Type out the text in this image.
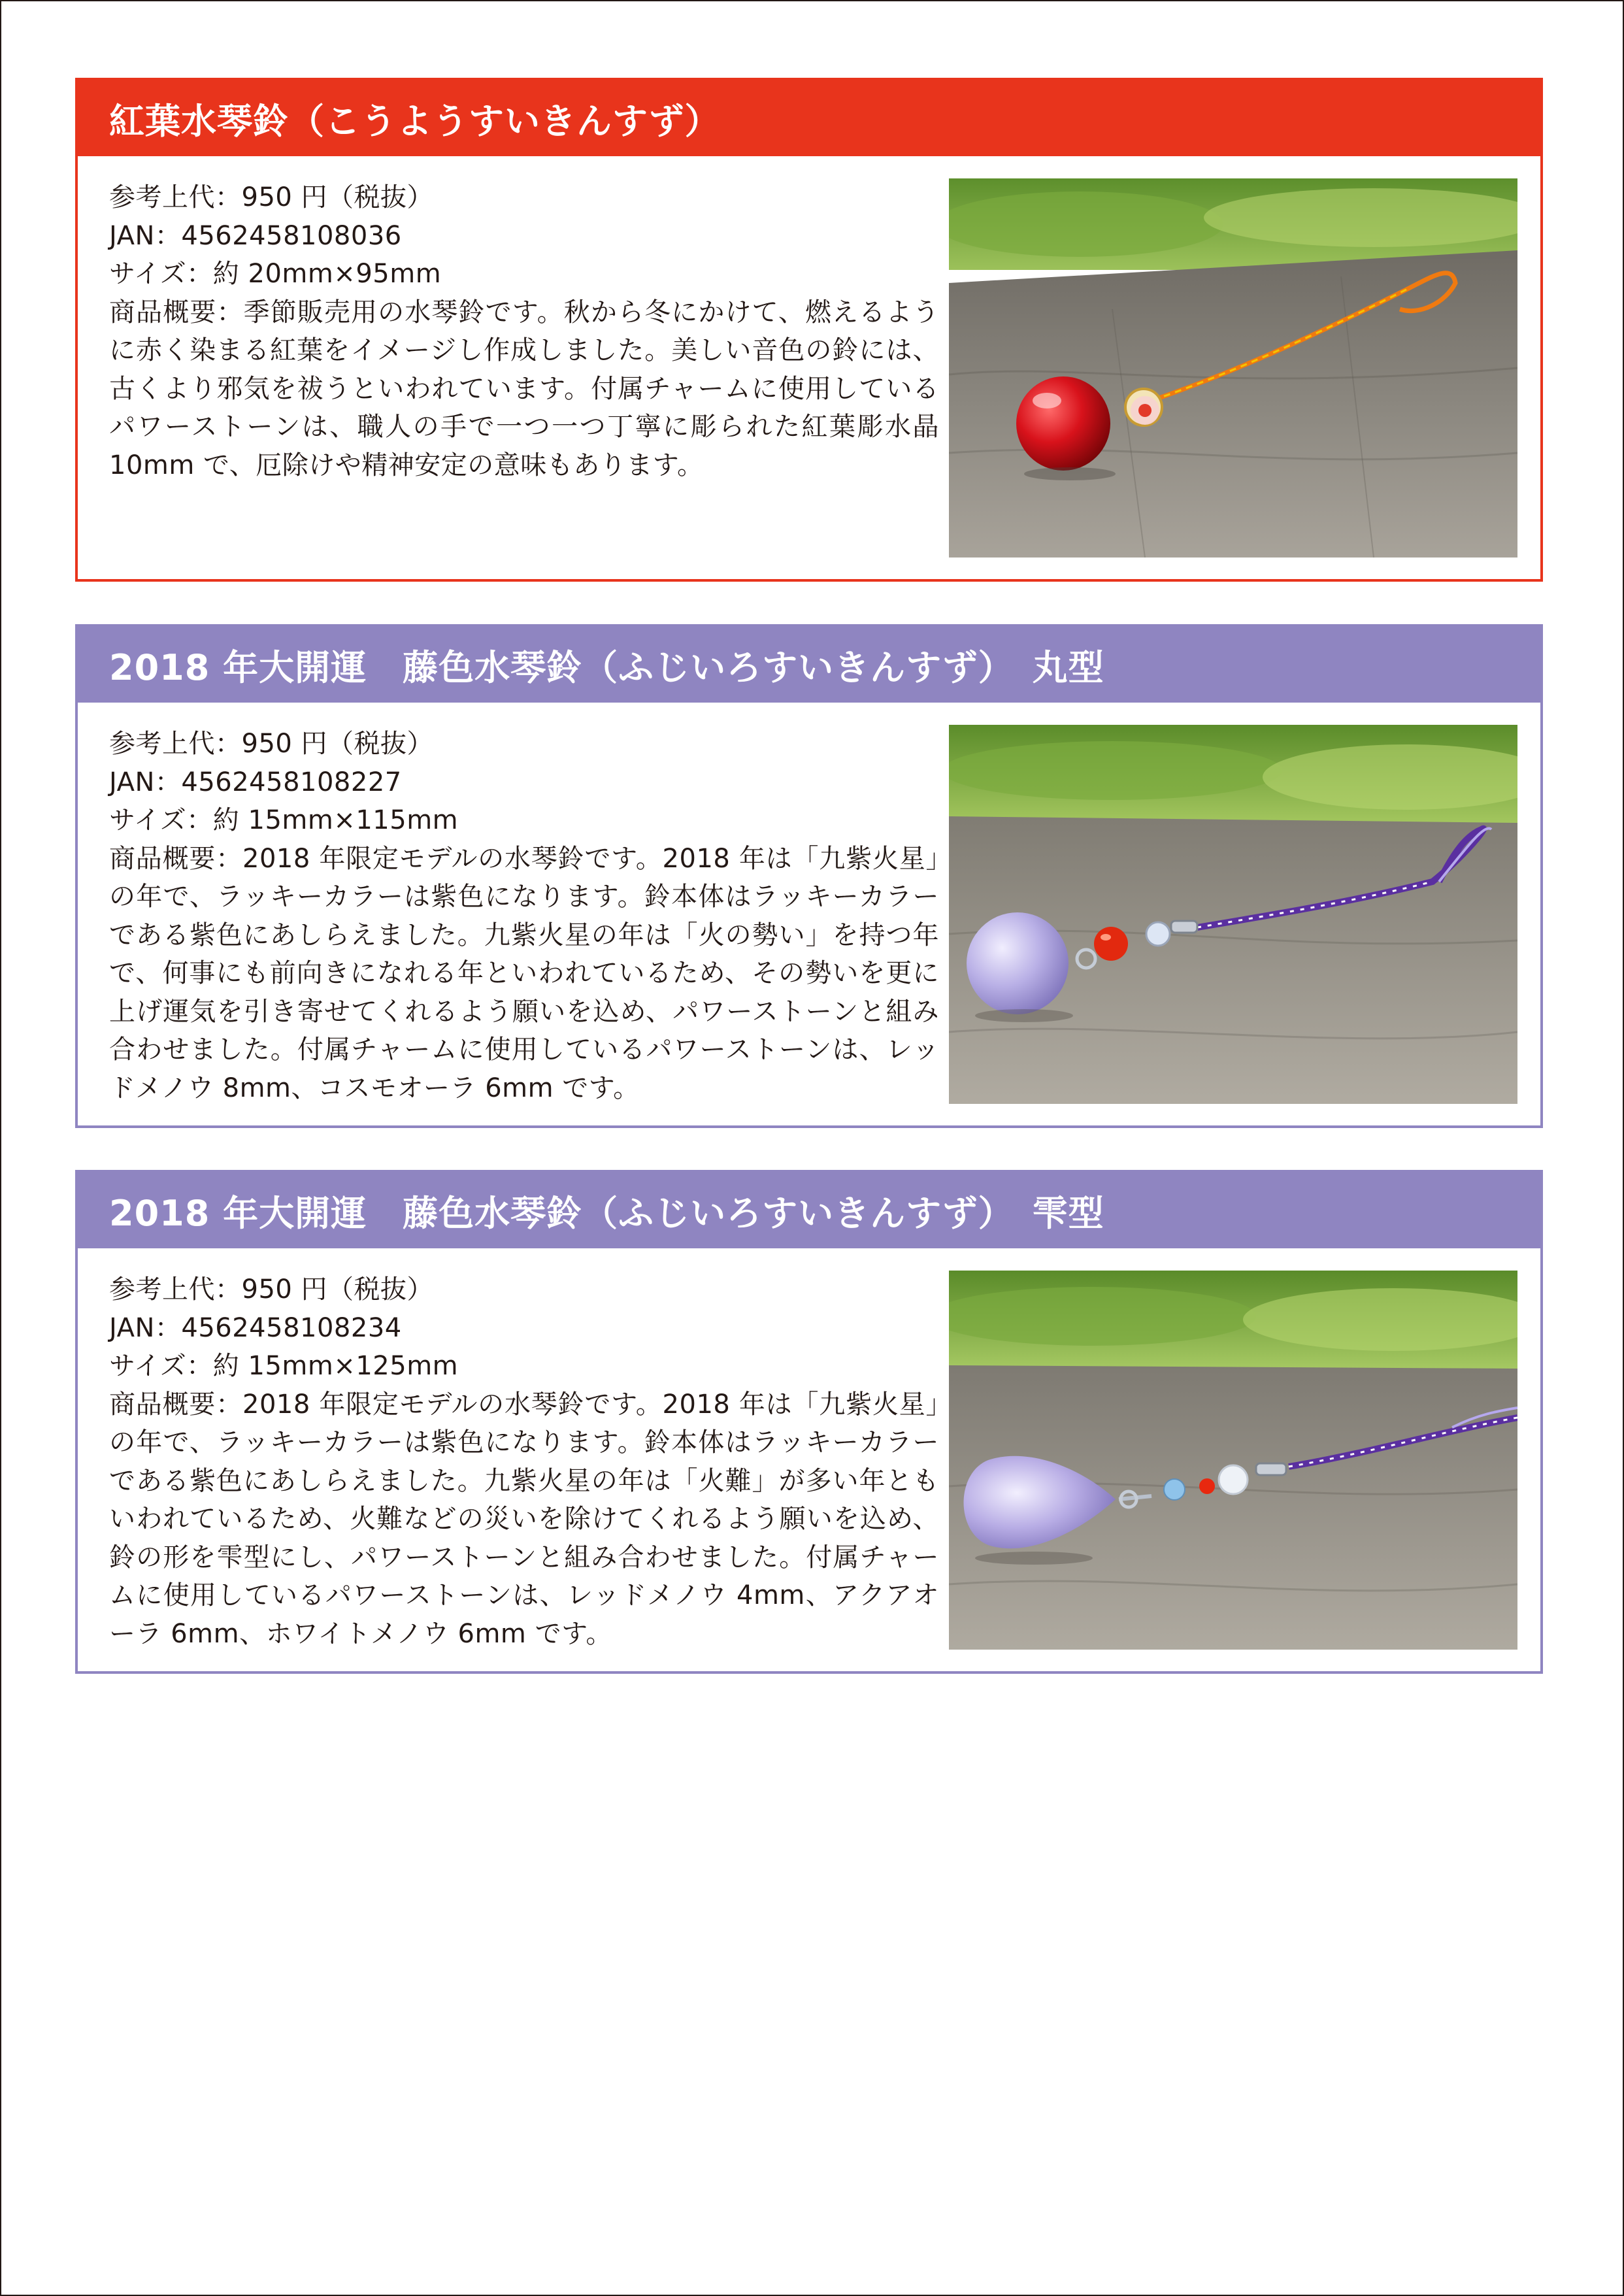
紅葉水琴鈴（こうようすいきんすず）
参考上代：950 円（税抜）
JAN：4562458108036
サイズ：約 20mm×95mm
商品概要：季節販売用の水琴鈴です。秋から冬にかけて、燃えるように赤く染まる紅葉をイメージし作成しました。美しい音色の鈴には、古くより邪気を祓うといわれています。付属チャームに使用しているパワーストーンは、職人の手で一つ一つ丁寧に彫られた紅葉彫水晶 10mm で、厄除けや精神安定の意味もあります。
2018 年大開運　藤色水琴鈴（ふじいろすいきんすず）　丸型
参考上代：950 円（税抜）
JAN：4562458108227
サイズ：約 15mm×115mm
商品概要：2018 年限定モデルの水琴鈴です。2018 年は「九紫火星」の年で、ラッキーカラーは紫色になります。鈴本体はラッキーカラーである紫色にあしらえました。九紫火星の年は「火の勢い」を持つ年で、何事にも前向きになれる年といわれているため、その勢いを更に上げ運気を引き寄せてくれるよう願いを込め、パワーストーンと組み合わせました。付属チャームに使用しているパワーストーンは、レッドメノウ 8mm、コスモオーラ 6mm です。
2018 年大開運　藤色水琴鈴（ふじいろすいきんすず）　雫型
参考上代：950 円（税抜）
JAN：4562458108234
サイズ：約 15mm×125mm
商品概要：2018 年限定モデルの水琴鈴です。2018 年は「九紫火星」の年で、ラッキーカラーは紫色になります。鈴本体はラッキーカラーである紫色にあしらえました。九紫火星の年は「火難」が多い年ともいわれているため、火難などの災いを除けてくれるよう願いを込め、鈴の形を雫型にし、パワーストーンと組み合わせました。付属チャームに使用しているパワーストーンは、レッドメノウ 4mm、アクアオーラ 6mm、ホワイトメノウ 6mm です。
